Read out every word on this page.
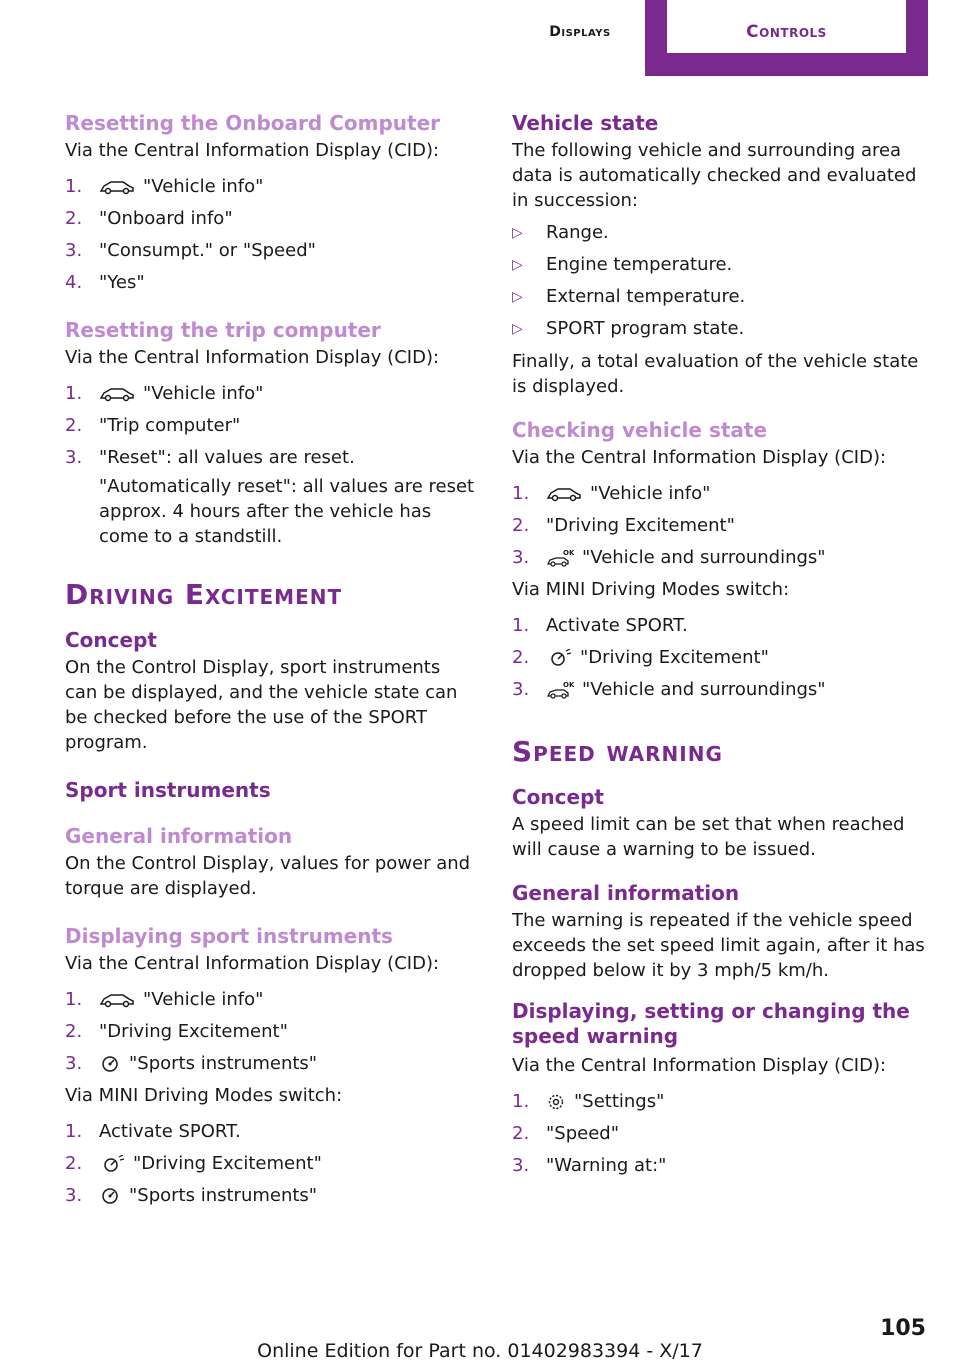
Displays	Controls
Resetting the Onboard Computer

Via the Central Information Display (CID):

1.	"Vehicle info"
2. "Onboard info"
3. "Consumpt." or "Speed"
4. "Yes"
Resetting the trip computer

Via the Central Information Display (CID):

1.	"Vehicle info"
2. "Trip computer"
3. "Reset": all values are reset.
"Automatically reset": all values are reset approx. 4 hours after the vehicle has come to a standstill.
Driving Excitement
Concept

On the Control Display, sport instruments can be displayed, and the vehicle state can be checked before the use of the SPORT program.

Sport instruments
General information

On the Control Display, values for power and torque are displayed.

Displaying sport instruments

Via the Central Information Display (CID):

1.	"Vehicle info"
2. "Driving Excitement"
3.	"Sports instruments"

Via MINI Driving Modes switch:

1. Activate SPORT.
2.	"Driving Excitement"
3.	"Sports instruments"
Vehicle state

The following vehicle and surrounding area data is automatically checked and evaluated in succession:

▷ Range.
▷ Engine temperature.
▷ External temperature.
▷ SPORT program state.

Finally, a total evaluation of the vehicle state is displayed.

Checking vehicle state

Via the Central Information Display (CID):

1.	"Vehicle info"
2. "Driving Excitement"
3.	OK "Vehicle and surroundings"

Via MINI Driving Modes switch:

1. Activate SPORT.
2.	"Driving Excitement"
3.	OK "Vehicle and surroundings"
Speed warning
Concept

A speed limit can be set that when reached will cause a warning to be issued.

General information

The warning is repeated if the vehicle speed exceeds the set speed limit again, after it has dropped below it by 3 mph/5 km/h.

Displaying, setting or changing the speed warning

Via the Central Information Display (CID):

1. "Settings"
2. "Speed"
3. "Warning at:"
105
Online Edition for Part no. 01402983394 - X/17
